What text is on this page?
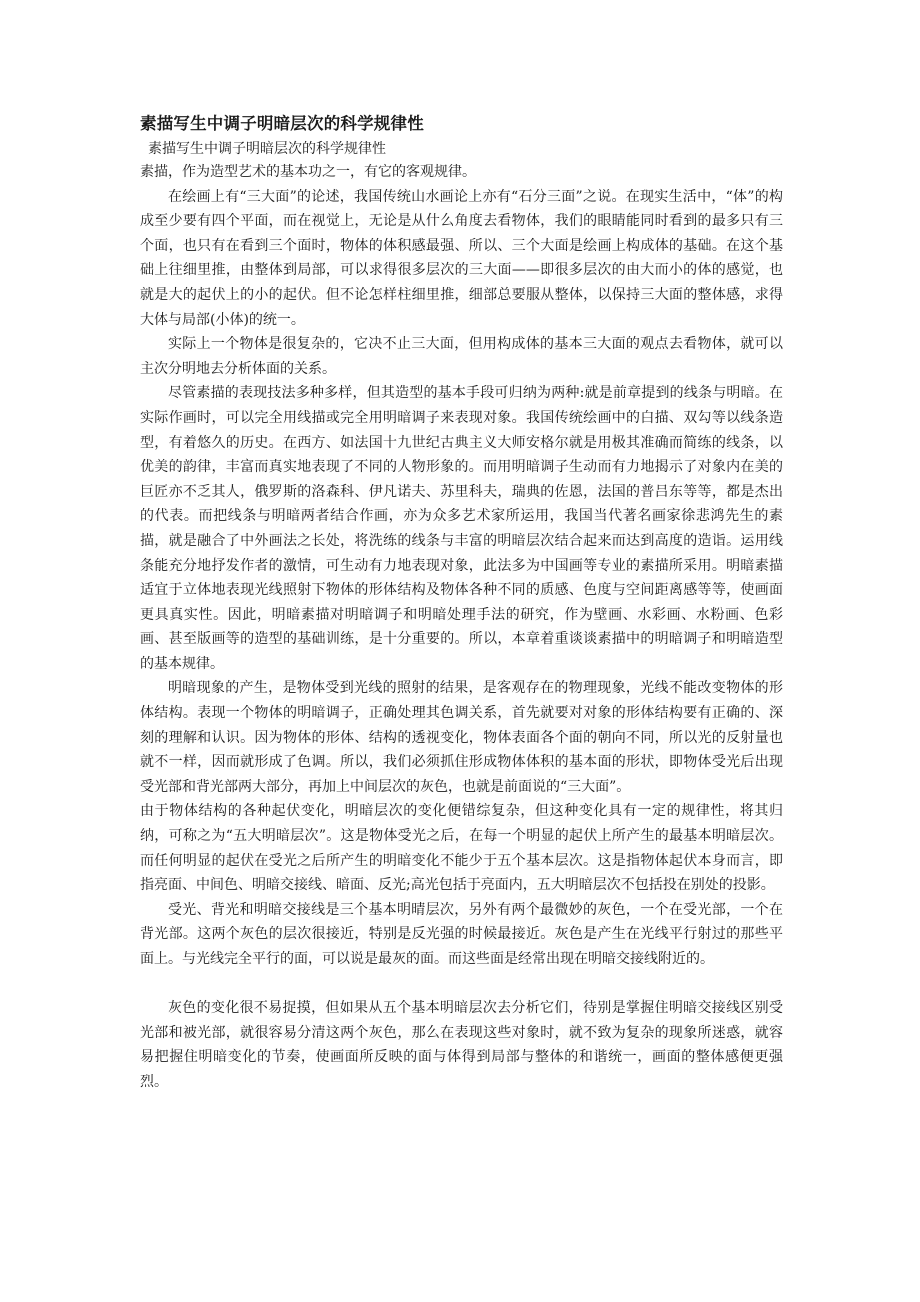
素描写生中调子明暗层次的科学规律性

素描写生中调子明暗层次的科学规律性

素描，作为造型艺术的基本功之一，有它的客观规律。

在绘画上有“三大面”的论述，我国传统山水画论上亦有“石分三面”之说。在现实生活中，“体”的构成至少要有四个平面，而在视觉上，无论是从什么角度去看物体，我们的眼睛能同时看到的最多只有三个面，也只有在看到三个面时，物体的体积感最强、所以、三个大面是绘画上构成体的基础。在这个基础上往细里推，由整体到局部，可以求得很多层次的三大面——即很多层次的由大而小的体的感觉，也就是大的起伏上的小的起伏。但不论怎样柱细里推，细部总要服从整体，以保持三大面的整体感，求得大体与局部(小体)的统一。

实际上一个物体是很复杂的，它决不止三大面，但用构成体的基本三大面的观点去看物体，就可以主次分明地去分析体面的关系。

尽管素描的表现技法多种多样，但其造型的基本手段可归纳为两种:就是前章提到的线条与明暗。在实际作画时，可以完全用线描或完全用明暗调子来表现对象。我国传统绘画中的白描、双勾等以线条造型，有着悠久的历史。在西方、如法国十九世纪古典主义大师安格尔就是用极其准确而简练的线条，以优美的韵律，丰富而真实地表现了不同的人物形象的。而用明暗调子生动而有力地揭示了对象内在美的巨匠亦不乏其人，俄罗斯的洛森科、伊凡诺夫、苏里科夫，瑞典的佐恩，法国的普吕东等等，都是杰出的代表。而把线条与明暗两者结合作画，亦为众多艺术家所运用，我国当代著名画家徐悲鸿先生的素描，就是融合了中外画法之长处，将洗练的线条与丰富的明暗层次结合起来而达到高度的造诣。运用线条能充分地抒发作者的激情，可生动有力地表现对象，此法多为中国画等专业的素描所采用。明暗素描适宜于立体地表现光线照射下物体的形体结构及物体各种不同的质感、色度与空间距离感等等，使画面更具真实性。因此，明暗素描对明暗调子和明暗处理手法的研究，作为壁画、水彩画、水粉画、色彩画、甚至版画等的造型的基础训练，是十分重要的。所以，本章着重谈谈素描中的明暗调子和明暗造型的基本规律。

明暗现象的产生，是物体受到光线的照射的结果，是客观存在的物理现象，光线不能改变物体的形体结构。表现一个物体的明暗调子，正确处理其色调关系，首先就要对对象的形体结构要有正确的、深刻的理解和认识。因为物体的形体、结构的透视变化，物体表面各个面的朝向不同，所以光的反射量也就不一样，因而就形成了色调。所以，我们必须抓住形成物体体积的基本面的形状，即物体受光后出现受光部和背光部两大部分，再加上中间层次的灰色，也就是前面说的“三大面”。

由于物体结构的各种起伏变化，明暗层次的变化便错综复杂，但这种变化具有一定的规律性，将其归纳，可称之为“五大明暗层次”。这是物体受光之后，在每一个明显的起伏上所产生的最基本明暗层次。而任何明显的起伏在受光之后所产生的明暗变化不能少于五个基本层次。这是指物体起伏本身而言，即指亮面、中间色、明暗交接线、暗面、反光;高光包括于亮面内，五大明暗层次不包括投在别处的投影。

受光、背光和明暗交接线是三个基本明晴层次，另外有两个最微妙的灰色，一个在受光部，一个在背光部。这两个灰色的层次很接近，特别是反光强的时候最接近。灰色是产生在光线平行射过的那些平面上。与光线完全平行的面，可以说是最灰的面。而这些面是经常出现在明暗交接线附近的。

灰色的变化很不易捉摸，但如果从五个基本明暗层次去分析它们，待别是掌握住明暗交接线区别受光部和被光部，就很容易分清这两个灰色，那么在表现这些对象时，就不致为复杂的现象所迷惑，就容易把握住明暗变化的节奏，使画面所反映的面与体得到局部与整体的和谐统一，画面的整体感便更强烈。
